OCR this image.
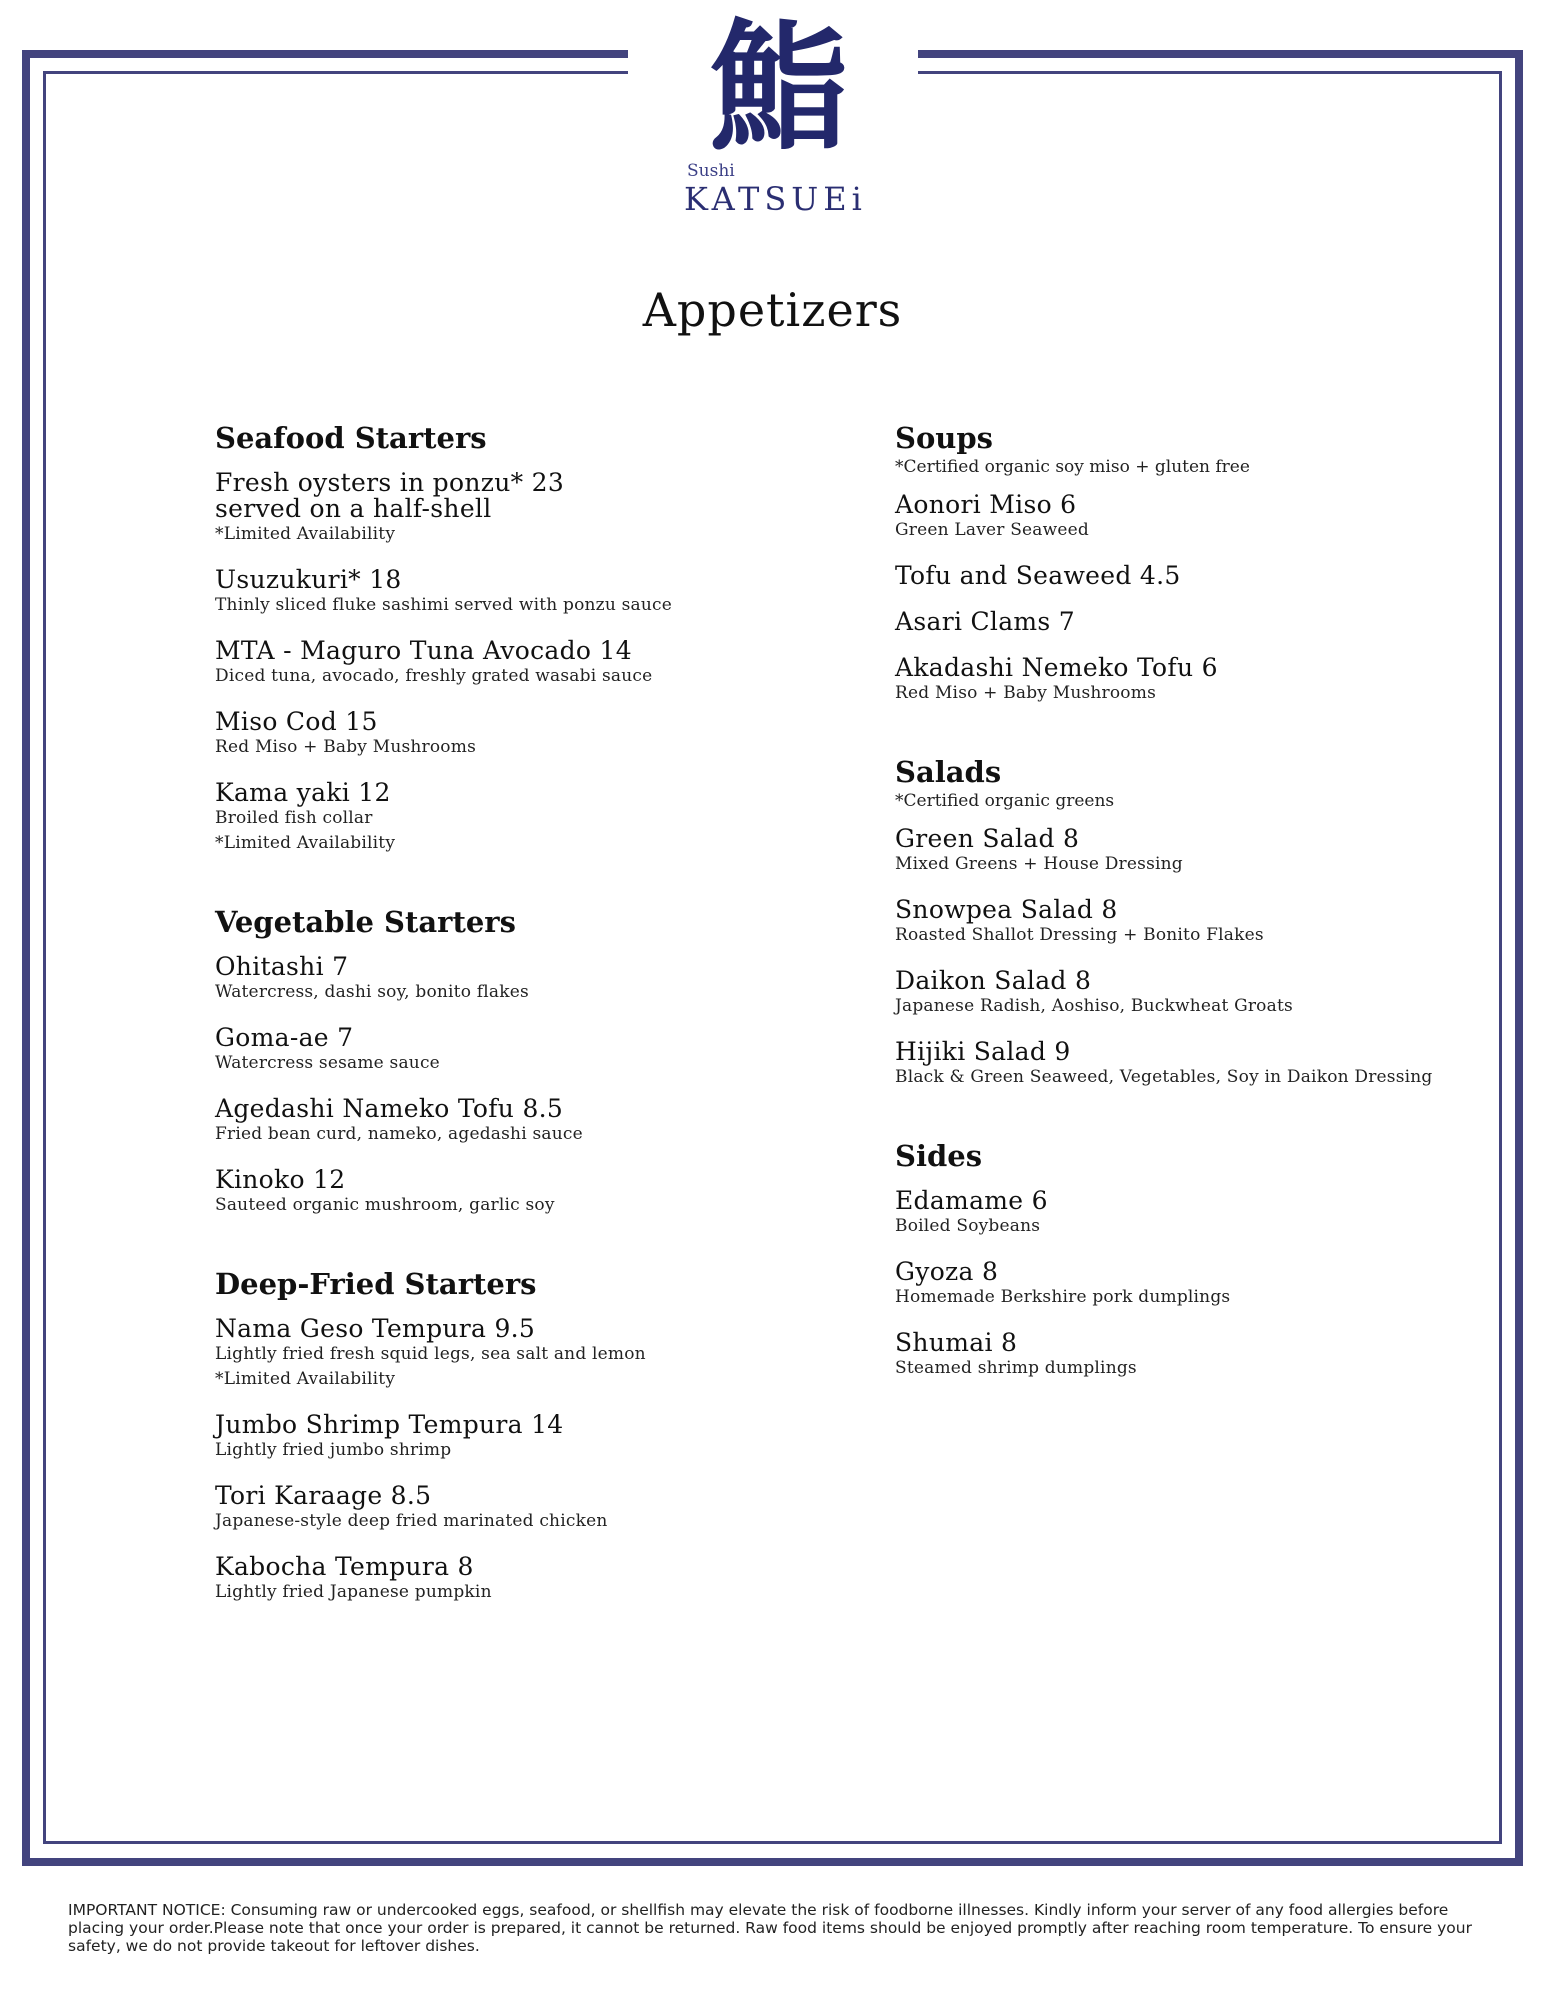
鮨
Sushi
KATSUEi
Appetizers
Seafood Starters
Fresh oysters in ponzu* 23
served on a half-shell
*Limited Availability
Usuzukuri* 18
Thinly sliced fluke sashimi served with ponzu sauce
MTA - Maguro Tuna Avocado 14
Diced tuna, avocado, freshly grated wasabi sauce
Miso Cod 15
Red Miso + Baby Mushrooms
Kama yaki 12
Broiled fish collar
*Limited Availability
Vegetable Starters
Ohitashi 7
Watercress, dashi soy, bonito flakes
Goma-ae 7
Watercress sesame sauce
Agedashi Nameko Tofu 8.5
Fried bean curd, nameko, agedashi sauce
Kinoko 12
Sauteed organic mushroom, garlic soy
Deep-Fried Starters
Nama Geso Tempura 9.5
Lightly fried fresh squid legs, sea salt and lemon
*Limited Availability
Jumbo Shrimp Tempura 14
Lightly fried jumbo shrimp
Tori Karaage 8.5
Japanese-style deep fried marinated chicken
Kabocha Tempura 8
Lightly fried Japanese pumpkin
Soups
*Certified organic soy miso + gluten free
Aonori Miso 6
Green Laver Seaweed
Tofu and Seaweed 4.5
Asari Clams 7
Akadashi Nemeko Tofu 6
Red Miso + Baby Mushrooms
Salads
*Certified organic greens
Green Salad 8
Mixed Greens + House Dressing
Snowpea Salad 8
Roasted Shallot Dressing + Bonito Flakes
Daikon Salad 8
Japanese Radish, Aoshiso, Buckwheat Groats
Hijiki Salad 9
Black & Green Seaweed, Vegetables, Soy in Daikon Dressing
Sides
Edamame 6
Boiled Soybeans
Gyoza 8
Homemade Berkshire pork dumplings
Shumai 8
Steamed shrimp dumplings
IMPORTANT NOTICE: Consuming raw or undercooked eggs, seafood, or shellfish may elevate the risk of foodborne illnesses. Kindly inform your server of any food allergies before placing your order.Please note that once your order is prepared, it cannot be returned. Raw food items should be enjoyed promptly after reaching room temperature. To ensure your safety, we do not provide takeout for leftover dishes.
